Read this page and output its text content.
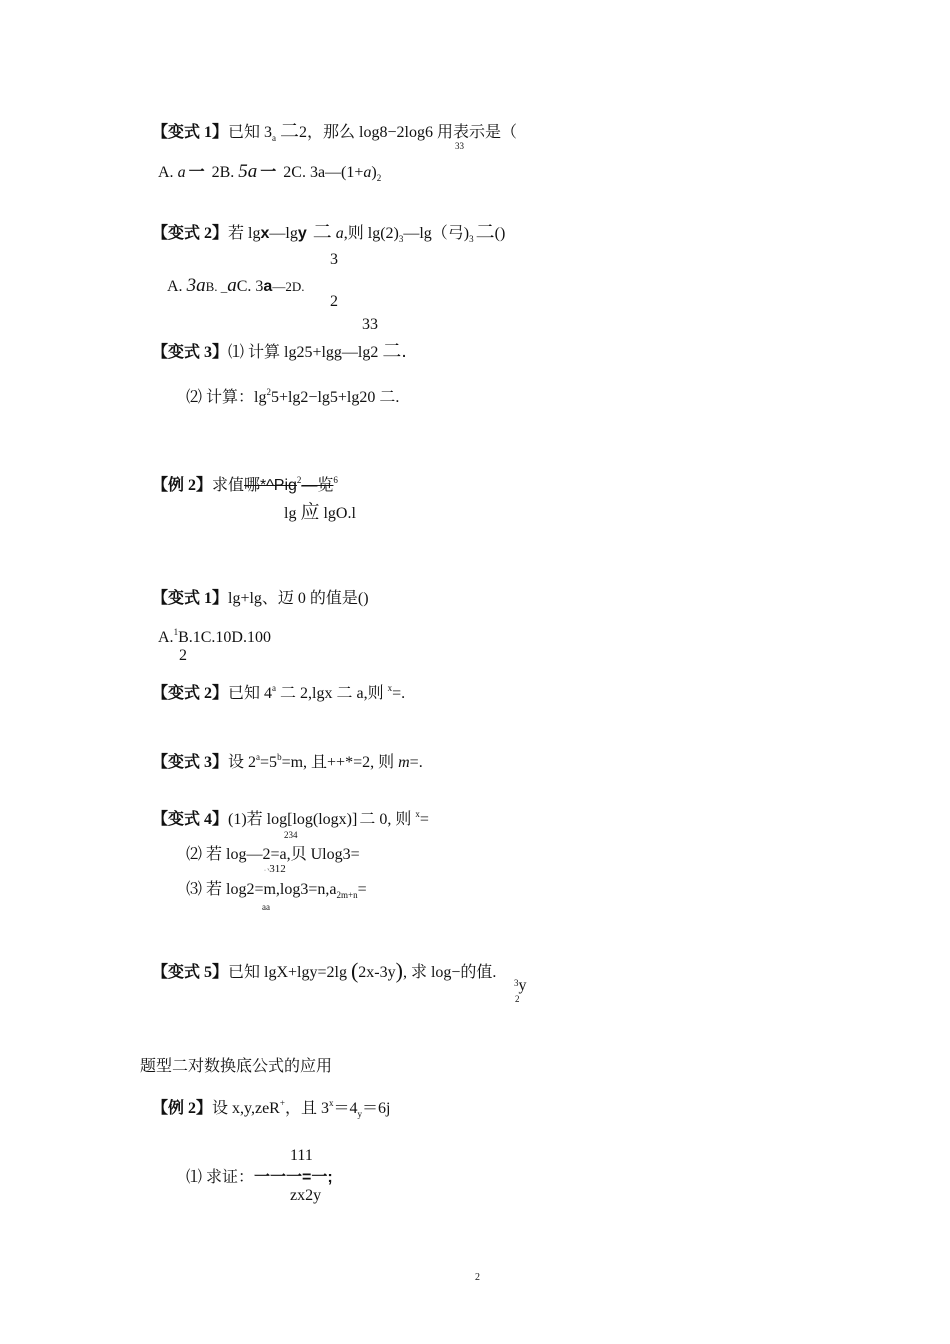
【变式 1】已知 $3_a$ 二2，那么 log8−2log6 用表示是（
33
A. a 一 2B. 5a 一 2C. $3a—(1+a)_2$
【变式 2】若 lgx—lgy 二 a,则 $\lg(2)_3—\lg$（弓)$_3$ 二()
3
A. 3aB. _aC. 3a—2D.
2
33
【变式 3】⑴ 计算 lg25+lgg—lg2 二.
⑵ 计算：$\lg^25+\lg 2-\lg 5+\lg 20$ 二.
【例 2】求值哪*^Pig$^2$—览$^6$
lg 应 lgO.l
【变式 1】lg+lg、迈 0 的值是()
A.$^1$B.1C.10D.100
2
【变式 2】已知 4$^a$ 二 2,lgx 二 a,则 $^x$=.
【变式 3】设 $2^a=5^b=m$, 且++*=2, 则 m=.
【变式 4】(1)若 log[log(logx)] 二 0, 则 $^x$=
234
⑵ 若 log—2=a,贝 Ulog3=
· ᵛ312
⑶ 若 $\log 2=m,\log 3=n,a_{2m+n}=$
aa
【变式 5】已知 lgX+lgy=2lg (2x-3y), 求 log−的值.
$^3$y
2
题型二对数换底公式的应用
【例 2】设 x,y,zeR+，且 $3^x=4_y=6j$
111
⑴ 求证：一一一=一;
zx2y
2
